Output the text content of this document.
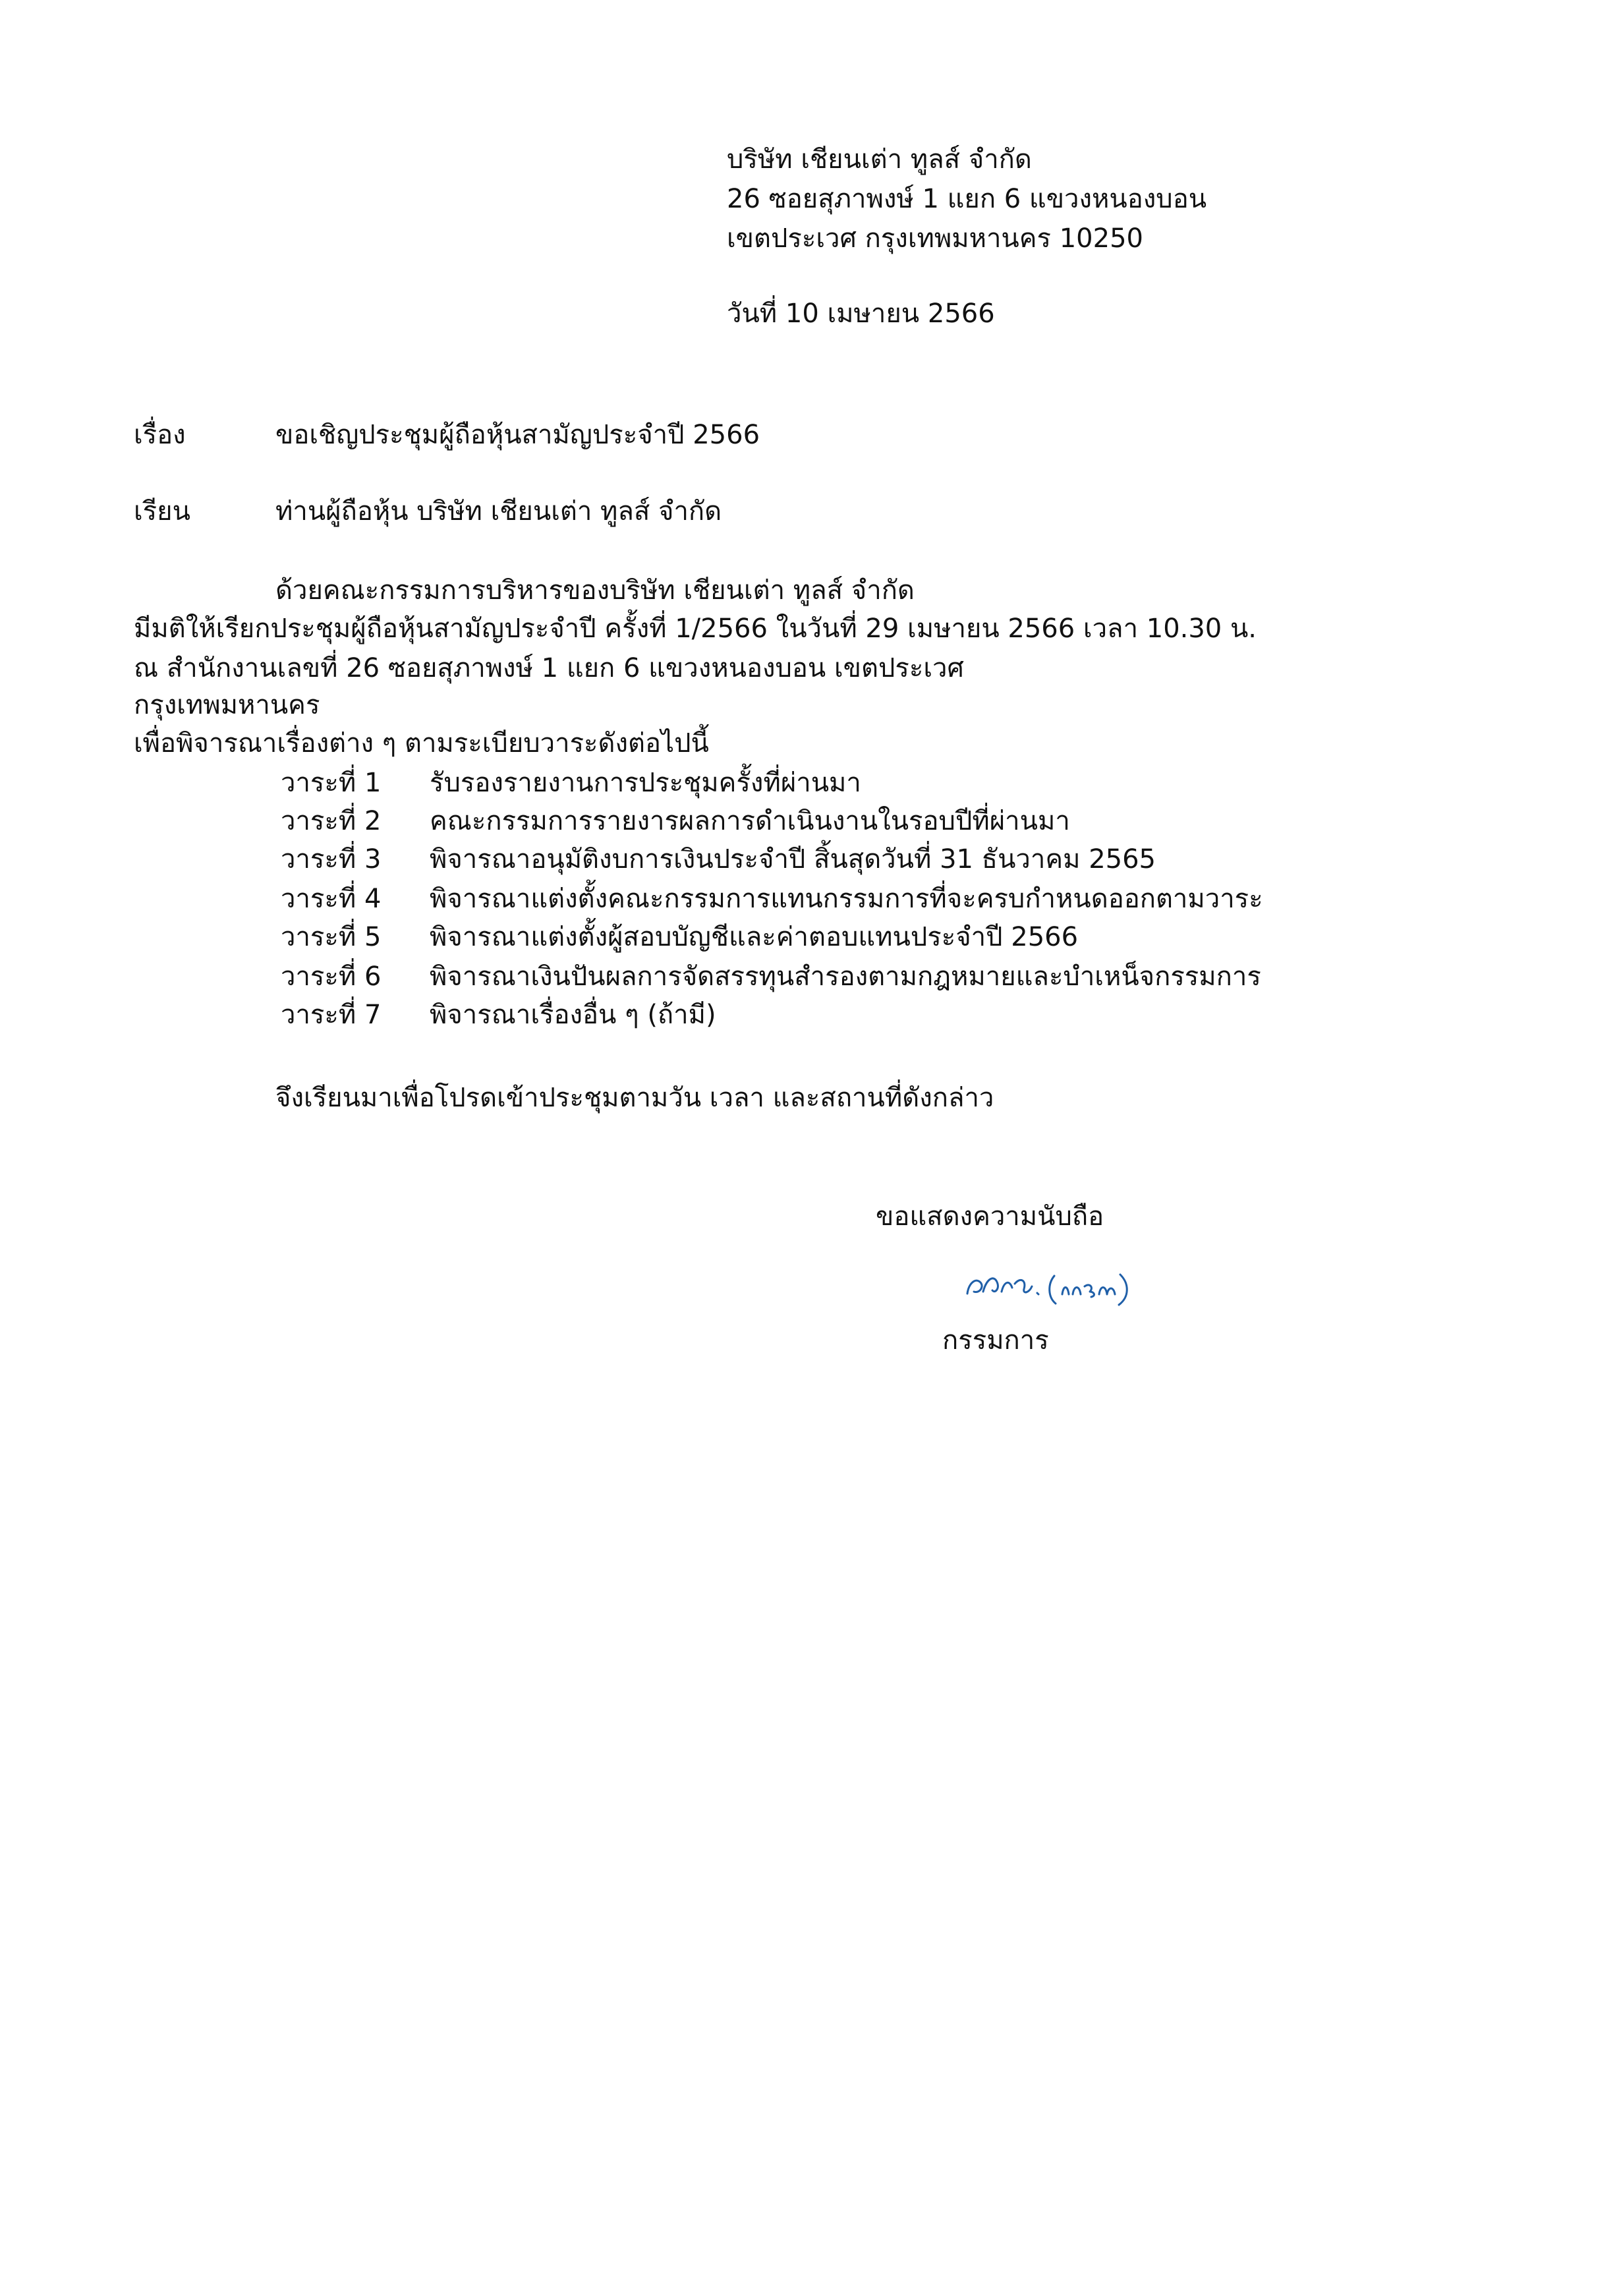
บริษัท เชียนเต่า ทูลส์ จำกัด
26 ซอยสุภาพงษ์ 1 แยก 6 แขวงหนองบอน
เขตประเวศ กรุงเทพมหานคร 10250
วันที่ 10 เมษายน 2566
เรื่อง	ขอเชิญประชุมผู้ถือหุ้นสามัญประจำปี 2566
เรียน	ท่านผู้ถือหุ้น บริษัท เชียนเต่า ทูลส์ จำกัด
ด้วยคณะกรรมการบริหารของบริษัท เชียนเต่า ทูลส์ จำกัด
มีมติให้เรียกประชุมผู้ถือหุ้นสามัญประจำปี ครั้งที่ 1/2566 ในวันที่ 29 เมษายน 2566 เวลา 10.30 น.
ณ สำนักงานเลขที่ 26 ซอยสุภาพงษ์ 1 แยก 6 แขวงหนองบอน เขตประเวศ
กรุงเทพมหานคร
เพื่อพิจารณาเรื่องต่าง ๆ ตามระเบียบวาระดังต่อไปนี้
วาระที่ 1 รับรองรายงานการประชุมครั้งที่ผ่านมา
วาระที่ 2 คณะกรรมการรายงารผลการดำเนินงานในรอบปีที่ผ่านมา
วาระที่ 3 พิจารณาอนุมัติงบการเงินประจำปี สิ้นสุดวันที่ 31 ธันวาคม 2565
วาระที่ 4 พิจารณาแต่งตั้งคณะกรรมการแทนกรรมการที่จะครบกำหนดออกตามวาระ
วาระที่ 5 พิจารณาแต่งตั้งผู้สอบบัญชีและค่าตอบแทนประจำปี 2566
วาระที่ 6 พิจารณาเงินปันผลการจัดสรรทุนสำรองตามกฎหมายและบำเหน็จกรรมการ
วาระที่ 7 พิจารณาเรื่องอื่น ๆ (ถ้ามี)
จึงเรียนมาเพื่อโปรดเข้าประชุมตามวัน เวลา และสถานที่ดังกล่าว
ขอแสดงความนับถือ
กรรมการ
